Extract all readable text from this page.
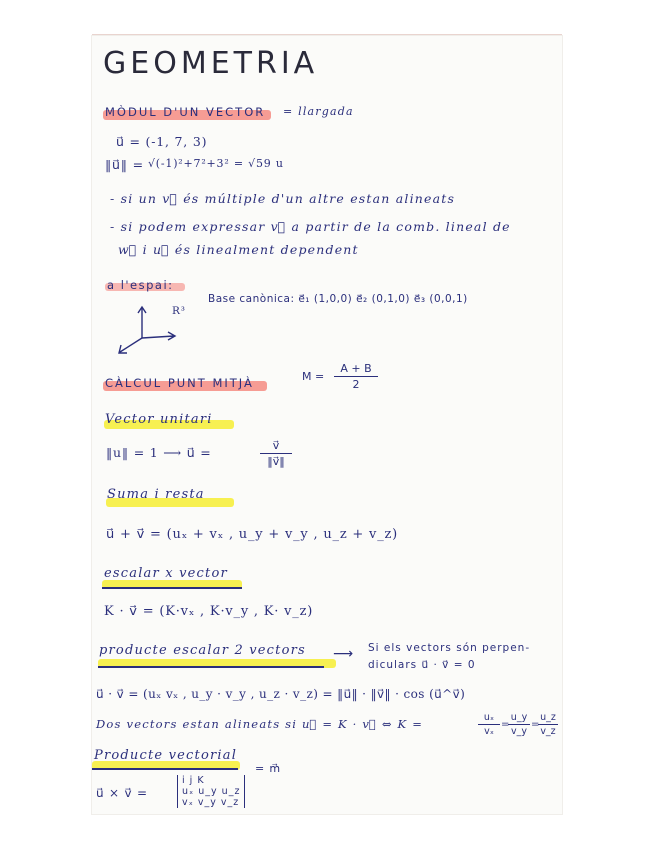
GEOMETRIA
MÒDUL D'UN VECTOR = llargada
u⃗ = (-1, 7, 3)
‖u⃗‖ = √(-1)²+7²+3² = √59 u
- si un v⃗ és múltiple d'un altre estan alineats
- si podem expressar v⃗ a partir de la comb. lineal de
w⃗ i u⃗ és linealment dependent
a l'espai:
R³
Base canònica: e⃗₁ (1,0,0) e⃗₂ (0,1,0) e⃗₃ (0,0,1)
CÀLCUL PUNT MITJÀ	M =
A + B
2
Vector unitari
‖u‖ = 1 ⟶ u⃗ =	v⃗
‖v⃗‖
Suma i resta
u⃗ + v⃗ = (uₓ + vₓ , u_y + v_y , u_z + v_z)
escalar x vector
K · v⃗ = (K·vₓ , K·v_y , K· v_z)
producte escalar 2 vectors ⟶ Si els vectors són perpen-
diculars u⃗ · v⃗ = 0
u⃗ · v⃗ = (uₓ vₓ , u_y · v_y , u_z · v_z) = ‖u⃗‖ · ‖v⃗‖ · cos (u⃗^v⃗)
Dos vectors estan alineats si u⃗ = K · v⃗ ⇔ K =	uₓ
vₓ
=
u_y
v_y
=
u_z
v_z
Producte vectorial
= m⃗
u⃗ × v⃗ =
i j K
uₓ u_y u_z
vₓ v_y v_z
